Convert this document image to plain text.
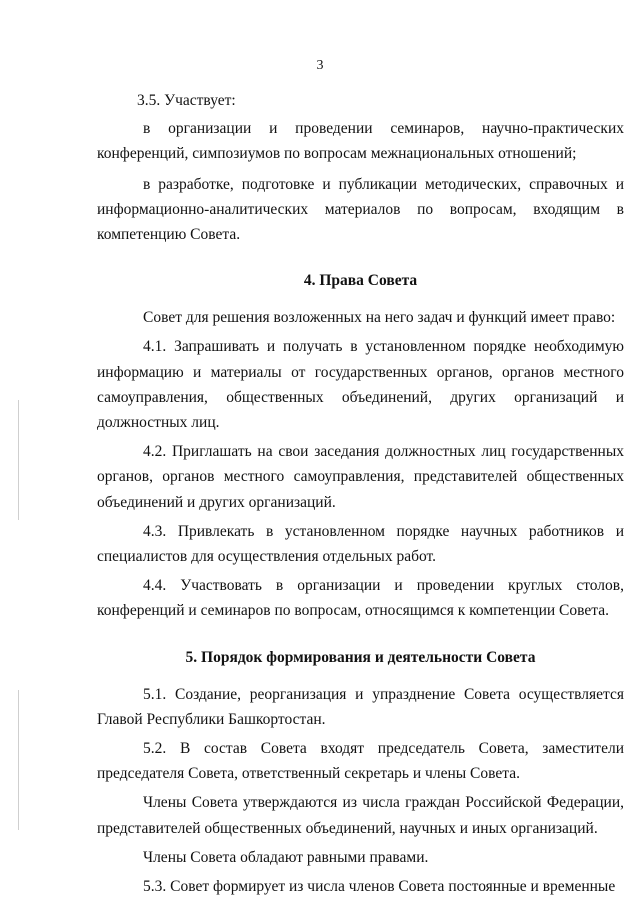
3

3.5. Участвует:

в организации и проведении семинаров, научно-практических конференций, симпозиумов по вопросам межнациональных отношений;

в разработке, подготовке и публикации методических, справочных и информационно-аналитических материалов по вопросам, входящим в компетенцию Совета.

4. Права Совета

Совет для решения возложенных на него задач и функций имеет право:

4.1. Запрашивать и получать в установленном порядке необходимую информацию и материалы от государственных органов, органов местного самоуправления, общественных объединений, других организаций и должностных лиц.

4.2. Приглашать на свои заседания должностных лиц государственных органов, органов местного самоуправления, представителей общественных объединений и других организаций.

4.3. Привлекать в установленном порядке научных работников и специалистов для осуществления отдельных работ.

4.4. Участвовать в организации и проведении круглых столов, конференций и семинаров по вопросам, относящимся к компетенции Совета.

5. Порядок формирования и деятельности Совета

5.1. Создание, реорганизация и упразднение Совета осуществляется Главой Республики Башкортостан.

5.2. В состав Совета входят председатель Совета, заместители председателя Совета, ответственный секретарь и члены Совета.

Члены Совета утверждаются из числа граждан Российской Федерации, представителей общественных объединений, научных и иных организаций.

Члены Совета обладают равными правами.

5.3. Совет формирует из числа членов Совета постоянные и временные
